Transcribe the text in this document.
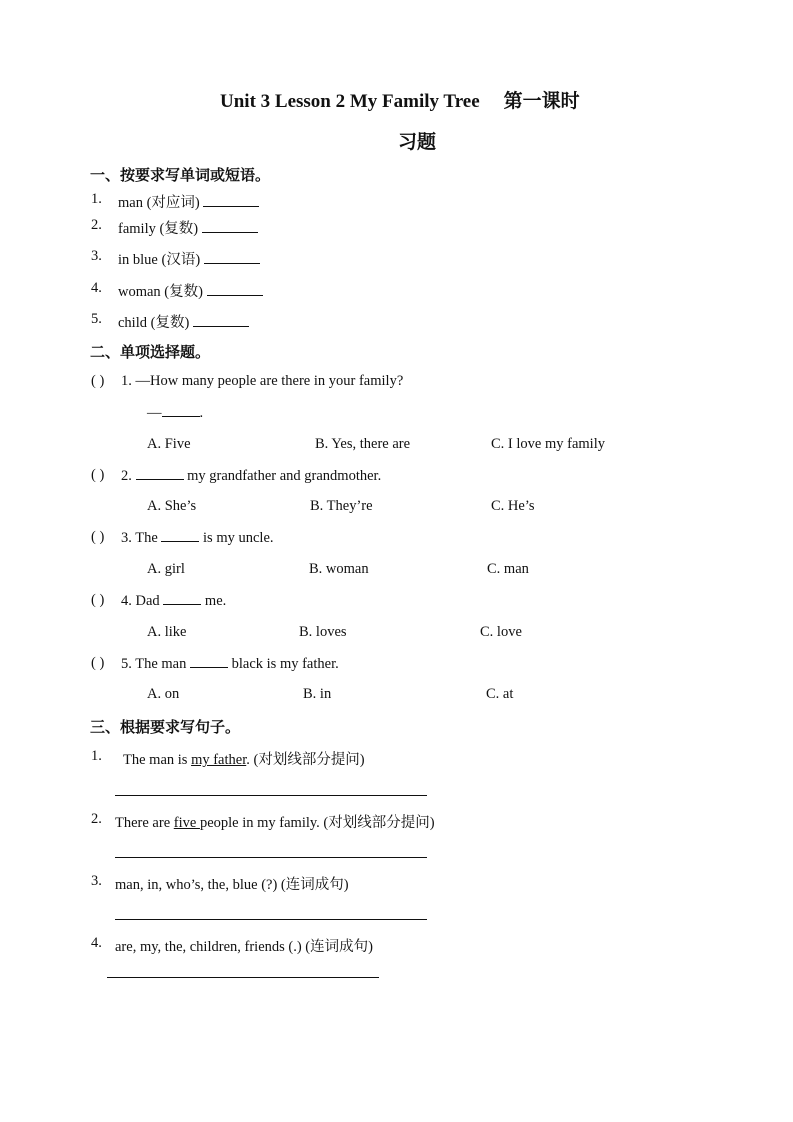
Unit 3 Lesson 2 My Family Tree 第一课时
习题
一、按要求写单词或短语。
1. man (对应词)
2. family (复数)
3. in blue (汉语)
4. woman (复数)
5. child (复数)
二、单项选择题。
( ) 1. —How many people are there in your family?
—	.
A. Five	B. Yes, there are	C. I love my family
( ) 2.	my grandfather and grandmother.
A. She’s	B. They’re	C. He’s
( ) 3. The	is my uncle.
A. girl	B. woman	C. man
( ) 4. Dad	me.
A. like	B. loves	C. love
( ) 5. The man	black is my father.
A. on	B. in	C. at
三、根据要求写句子。
1. The man is my father. (对划线部分提问)
2. There are five people in my family. (对划线部分提问)
3. man, in, who’s, the, blue (?) (连词成句)
4. are, my, the, children, friends (.) (连词成句)
